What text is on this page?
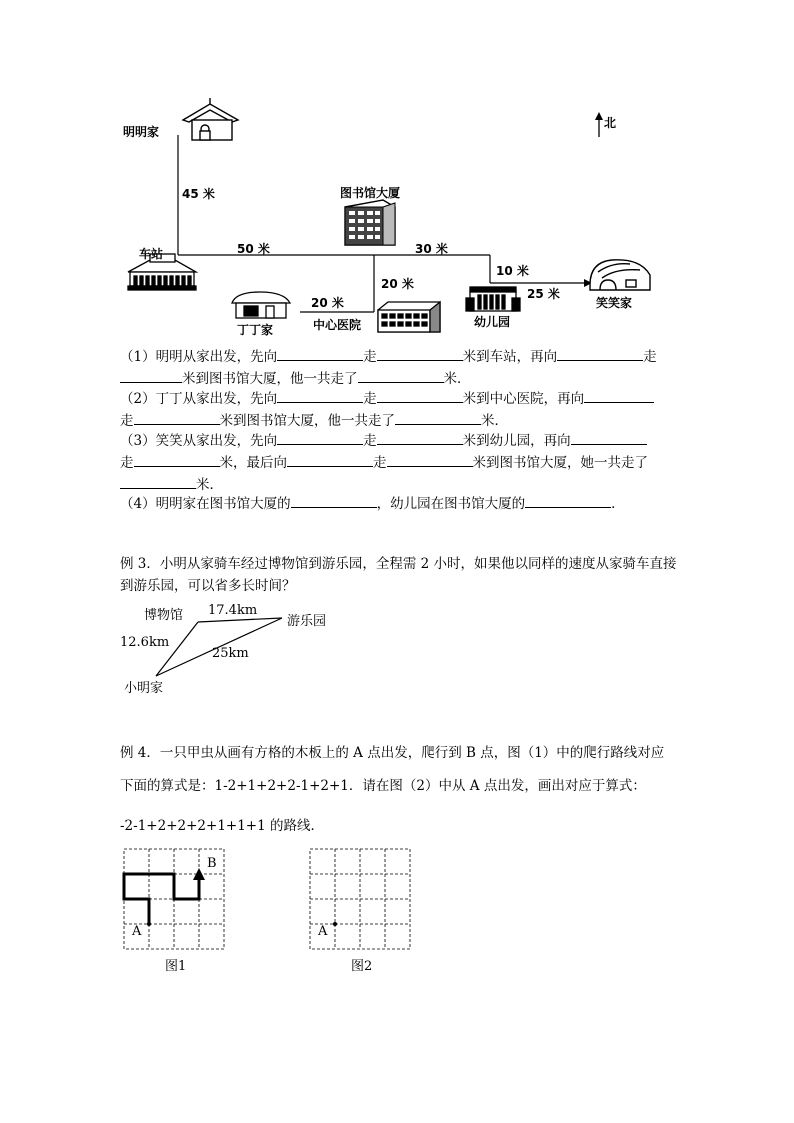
明明家
北
45 米	图书馆大厦
车站	50 米	30 米
10 米
20 米
25 米
20 米
丁丁家	中心医院	幼儿园
笑笑家
（1）明明从家出发，先向	走	米到车站，再向	走
米到图书馆大厦，他一共走了	米．
（2）丁丁从家出发，先向	走	米到中心医院，再向
走	米到图书馆大厦，他一共走了	米．
（3）笑笑从家出发，先向	走	米到幼儿园，再向
走	米，最后向	走	米到图书馆大厦，她一共走了
米．
（4）明明家在图书馆大厦的	，幼儿园在图书馆大厦的	．
例 3．小明从家骑车经过博物馆到游乐园，全程需 2 小时，如果他以同样的速度从家骑车直接到游乐园，可以省多长时间？
博物馆 17.4km
游乐园
12.6km
25km
小明家
例 4．一只甲虫从画有方格的木板上的 A 点出发，爬行到 B 点，图（1）中的爬行路线对应
下面的算式是：1-2+1+2+2-1+2+1．请在图（2）中从 A 点出发，画出对应于算式：
-2-1+2+2+2+1+1+1 的路线．
A
B
图1
A
图2
